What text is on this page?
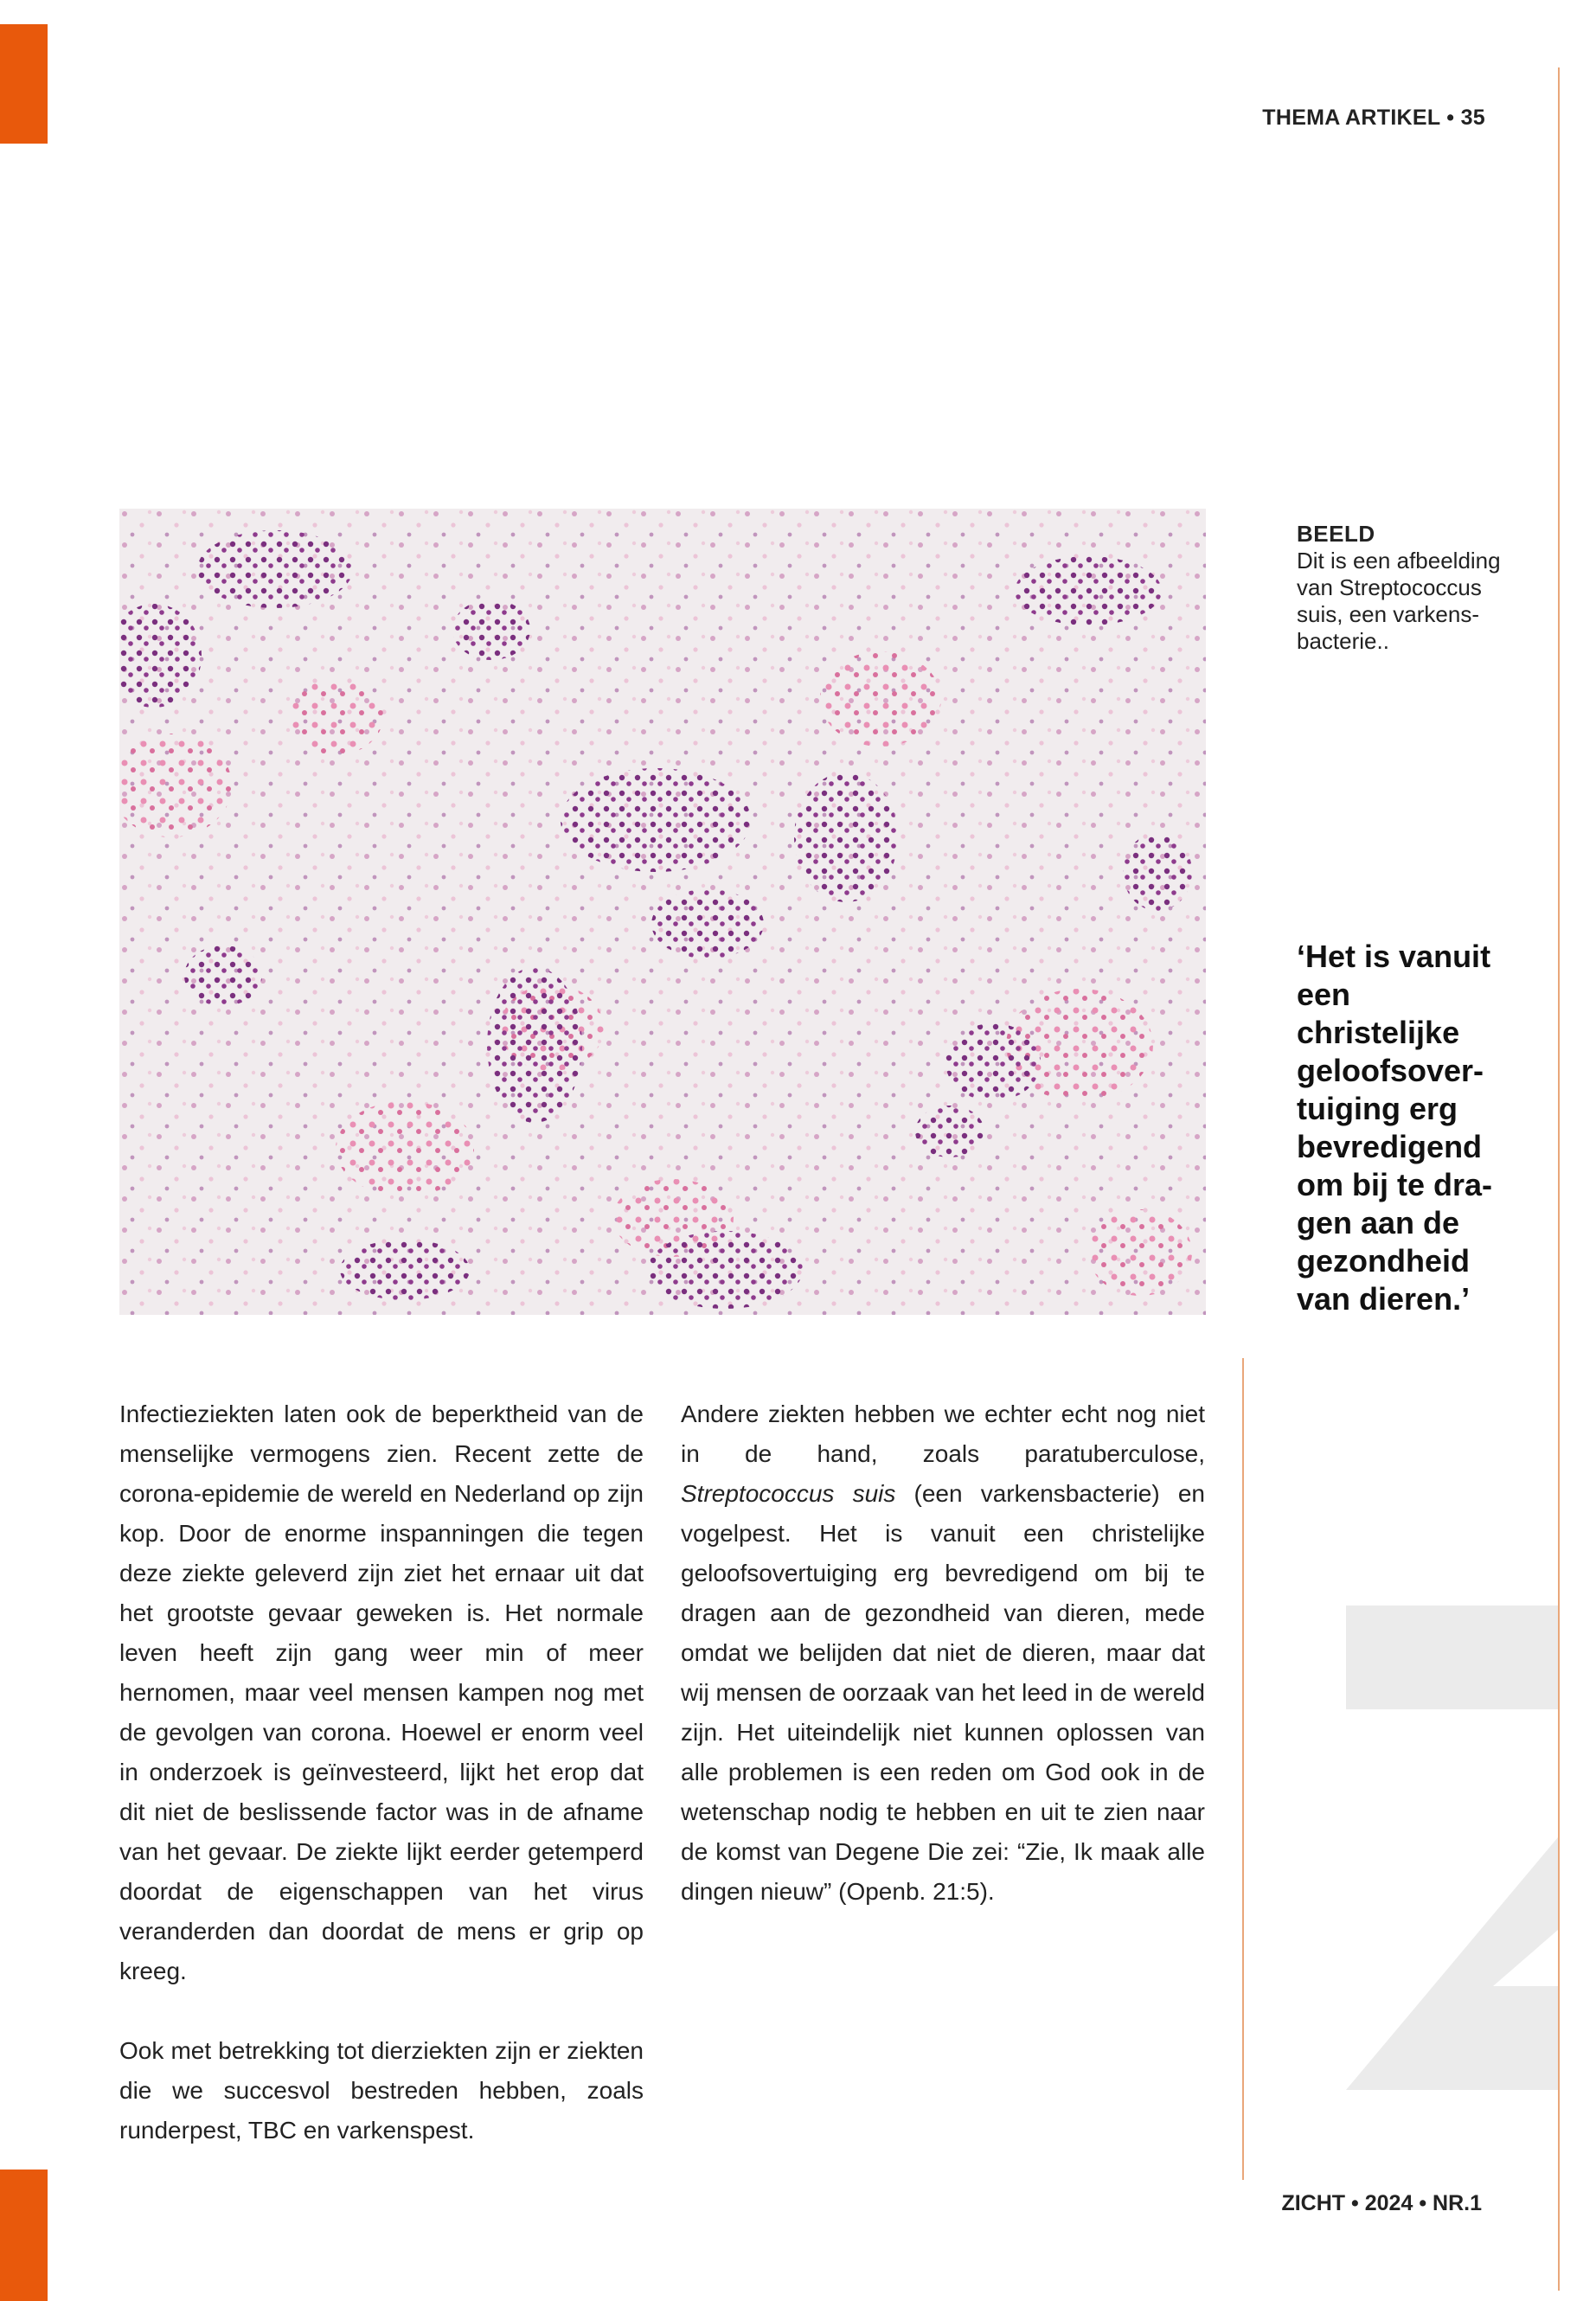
THEMA ARTIKEL • 35
BEELD
Dit is een afbeelding van Streptococcus suis, een varkens-bacterie..
‘Het is vanuit een christelijke geloofsover-tuiging erg bevredigend om bij te dra-gen aan de gezondheid van dieren.’

Infectieziekten laten ook de beperktheid van de menselijke vermogens zien. Recent zette de corona-epidemie de wereld en Nederland op zijn kop. Door de enorme inspanningen die tegen deze ziekte geleverd zijn ziet het ernaar uit dat het grootste gevaar geweken is. Het normale leven heeft zijn gang weer min of meer hernomen, maar veel mensen kampen nog met de gevolgen van corona. Hoewel er enorm veel in onderzoek is geïnvesteerd, lijkt het erop dat dit niet de beslissende factor was in de afname van het gevaar. De ziekte lijkt eerder getemperd doordat de eigenschappen van het virus veranderden dan doordat de mens er grip op kreeg.

Ook met betrekking tot dierziekten zijn er ziekten die we succesvol bestreden hebben, zoals runderpest, TBC en varkenspest.

Andere ziekten hebben we echter echt nog niet in de hand, zoals paratuberculose, Streptococcus suis (een varkensbacterie) en vogelpest. Het is vanuit een christelijke geloofsovertuiging erg bevredigend om bij te dragen aan de gezondheid van dieren, mede omdat we belijden dat niet de dieren, maar dat wij mensen de oorzaak van het leed in de wereld zijn. Het uiteindelijk niet kunnen oplossen van alle problemen is een reden om God ook in de wetenschap nodig te hebben en uit te zien naar de komst van Degene Die zei: “Zie, Ik maak alle dingen nieuw” (Openb. 21:5).

ZICHT • 2024 • NR.1
